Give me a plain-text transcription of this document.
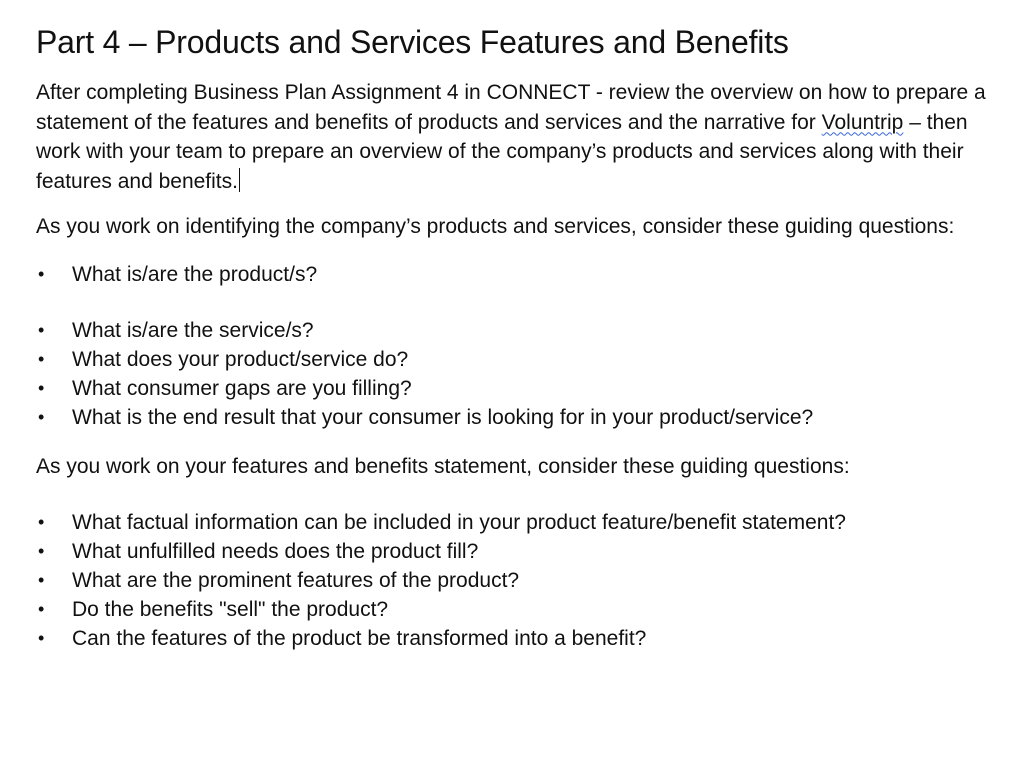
Part 4 – Products and Services Features and Benefits

After completing Business Plan Assignment 4 in CONNECT - review the overview on how to prepare a statement of the features and benefits of products and services and the narrative for Voluntrip – then work with your team to prepare an overview of the company’s products and services along with their features and benefits.

As you work on identifying the company’s products and services, consider these guiding questions:

•	What is/are the product/s?
•	What is/are the service/s?
•	What does your product/service do?
•	What consumer gaps are you filling?
•	What is the end result that your consumer is looking for in your product/service?

As you work on your features and benefits statement, consider these guiding questions:

•	What factual information can be included in your product feature/benefit statement?
•	What unfulfilled needs does the product fill?
•	What are the prominent features of the product?
•	Do the benefits "sell" the product?
•	Can the features of the product be transformed into a benefit?
